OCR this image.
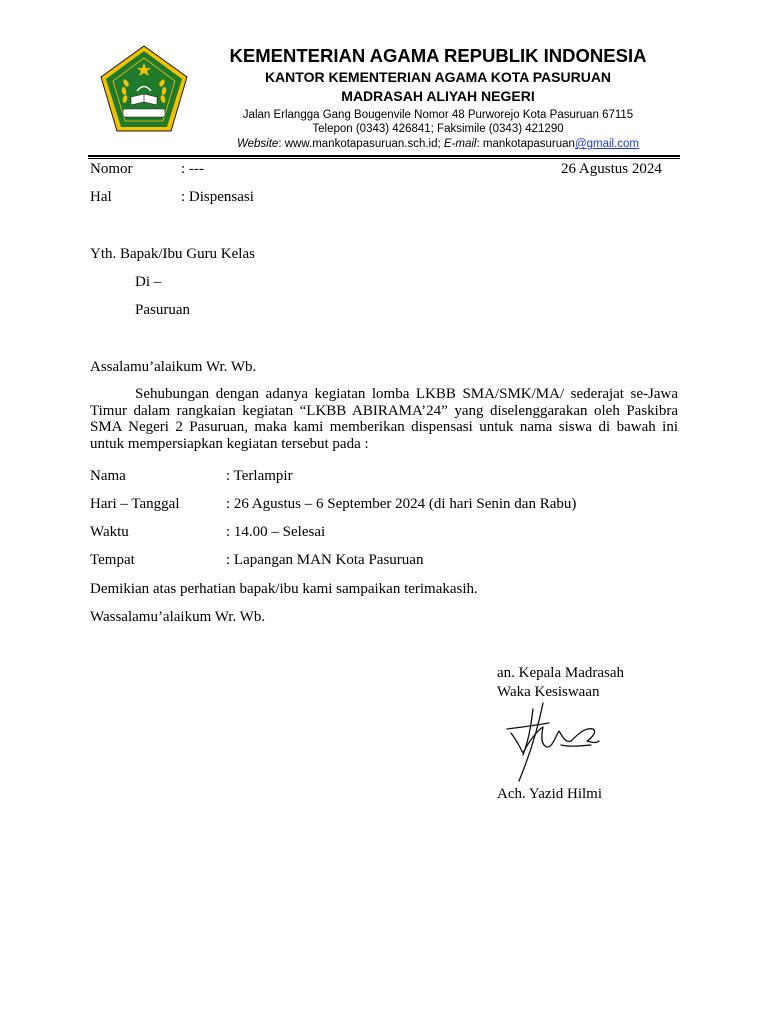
KEMENTERIAN AGAMA REPUBLIK INDONESIA
KANTOR KEMENTERIAN AGAMA KOTA PASURUAN
MADRASAH ALIYAH NEGERI
Jalan Erlangga Gang Bougenvile Nomor 48 Purworejo Kota Pasuruan 67115
Telepon (0343) 426841; Faksimile (0343) 421290
Website: www.mankotapasuruan.sch.id; E-mail: mankotapasuruan@gmail.com
Nomor	: ---	26 Agustus 2024
Hal	: Dispensasi
Yth. Bapak/Ibu Guru Kelas
Di –
Pasuruan
Assalamu’alaikum Wr. Wb.
Sehubungan dengan adanya kegiatan lomba LKBB SMA/SMK/MA/ sederajat se-Jawa Timur dalam rangkaian kegiatan “LKBB ABIRAMA’24” yang diselenggarakan oleh Paskibra SMA Negeri 2 Pasuruan, maka kami memberikan dispensasi untuk nama siswa di bawah ini untuk mempersiapkan kegiatan tersebut pada :
Nama	: Terlampir
Hari – Tanggal	: 26 Agustus – 6 September 2024 (di hari Senin dan Rabu)
Waktu	: 14.00 – Selesai
Tempat	: Lapangan MAN Kota Pasuruan
Demikian atas perhatian bapak/ibu kami sampaikan terimakasih.
Wassalamu’alaikum Wr. Wb.
an. Kepala Madrasah
Waka Kesiswaan
Ach. Yazid Hilmi
